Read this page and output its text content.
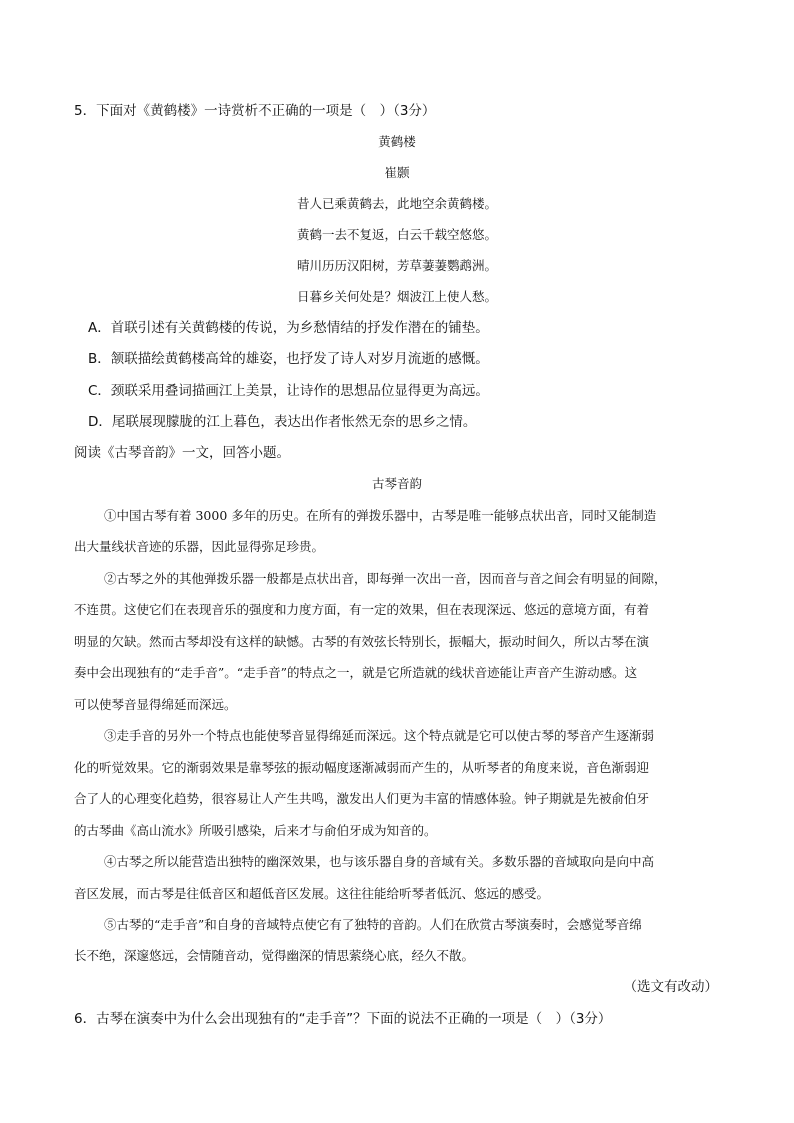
5．下面对《黄鹤楼》一诗赏析不正确的一项是（　）（3分）
黄鹤楼
崔颢
昔人已乘黄鹤去，此地空余黄鹤楼。
黄鹤一去不复返，白云千载空悠悠。
晴川历历汉阳树，芳草萋萋鹦鹉洲。
日暮乡关何处是？烟波江上使人愁。
A．首联引述有关黄鹤楼的传说，为乡愁情结的抒发作潜在的铺垫。
B．颔联描绘黄鹤楼高耸的雄姿，也抒发了诗人对岁月流逝的感慨。
C．颈联采用叠词描画江上美景，让诗作的思想品位显得更为高远。
D．尾联展现朦胧的江上暮色，表达出作者怅然无奈的思乡之情。
阅读《古琴音韵》一文，回答小题。
古琴音韵
①中国古琴有着 3000 多年的历史。在所有的弹拨乐器中，古琴是唯一能够点状出音，同时又能制造
出大量线状音迹的乐器，因此显得弥足珍贵。
②古琴之外的其他弹拨乐器一般都是点状出音，即每弹一次出一音，因而音与音之间会有明显的间隙，
不连贯。这使它们在表现音乐的强度和力度方面，有一定的效果，但在表现深远、悠远的意境方面，有着
明显的欠缺。然而古琴却没有这样的缺憾。古琴的有效弦长特别长，振幅大，振动时间久，所以古琴在演
奏中会出现独有的“走手音”。“走手音”的特点之一，就是它所造就的线状音迹能让声音产生游动感。这
可以使琴音显得绵延而深远。
③走手音的另外一个特点也能使琴音显得绵延而深远。这个特点就是它可以使古琴的琴音产生逐渐弱
化的听觉效果。它的渐弱效果是靠琴弦的振动幅度逐渐减弱而产生的，从听琴者的角度来说，音色渐弱迎
合了人的心理变化趋势，很容易让人产生共鸣，激发出人们更为丰富的情感体验。钟子期就是先被俞伯牙
的古琴曲《高山流水》所吸引感染，后来才与俞伯牙成为知音的。
④古琴之所以能营造出独特的幽深效果，也与该乐器自身的音域有关。多数乐器的音域取向是向中高
音区发展，而古琴是往低音区和超低音区发展。这往往能给听琴者低沉、悠远的感受。
⑤古琴的“走手音”和自身的音域特点使它有了独特的音韵。人们在欣赏古琴演奏时，会感觉琴音绵
长不绝，深邃悠远，会情随音动，觉得幽深的情思萦绕心底，经久不散。
（选文有改动）
6．古琴在演奏中为什么会出现独有的“走手音”？下面的说法不正确的一项是（　）（3分）
